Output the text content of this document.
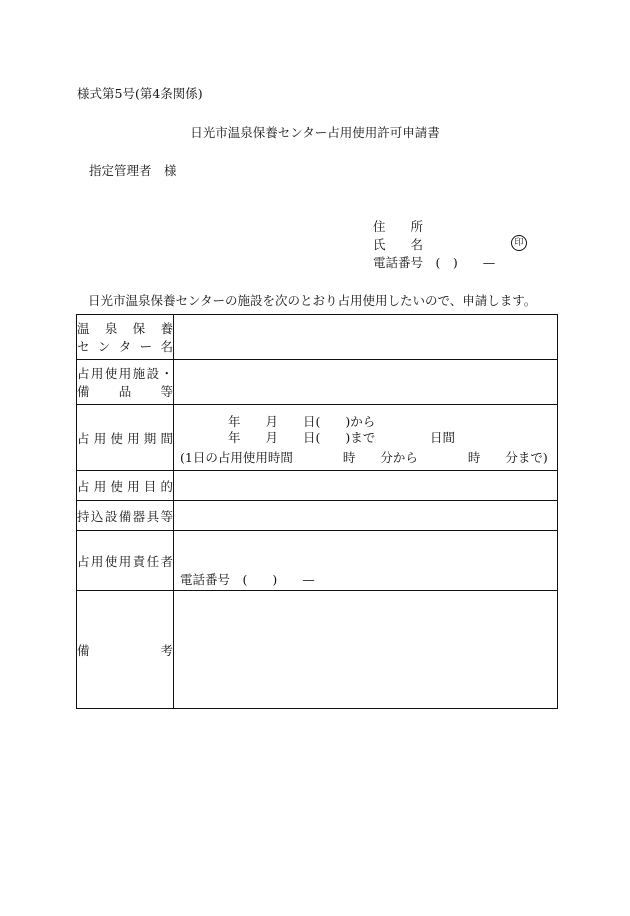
様式第5号(第4条関係)
日光市温泉保養センター占用使用許可申請書
指定管理者　様
住　　所
氏　　名	印
電話番号　(　)　　—
日光市温泉保養センターの施設を次のとおり占用使用したいので、申請します。
温　泉　保　養
セ ン タ ー 名	

占用使用施設・
備　　品　　等	

占用使用期間	年　　月　　日(　　)から
年　　月　　日(　　)まで 日間
(1日の占用使用時間　　　　時　　分から　　　　時　　分まで)

占用使用目的	

持込設備器具等	

占用使用責任者	電話番号　(　　)　　—

備考	
